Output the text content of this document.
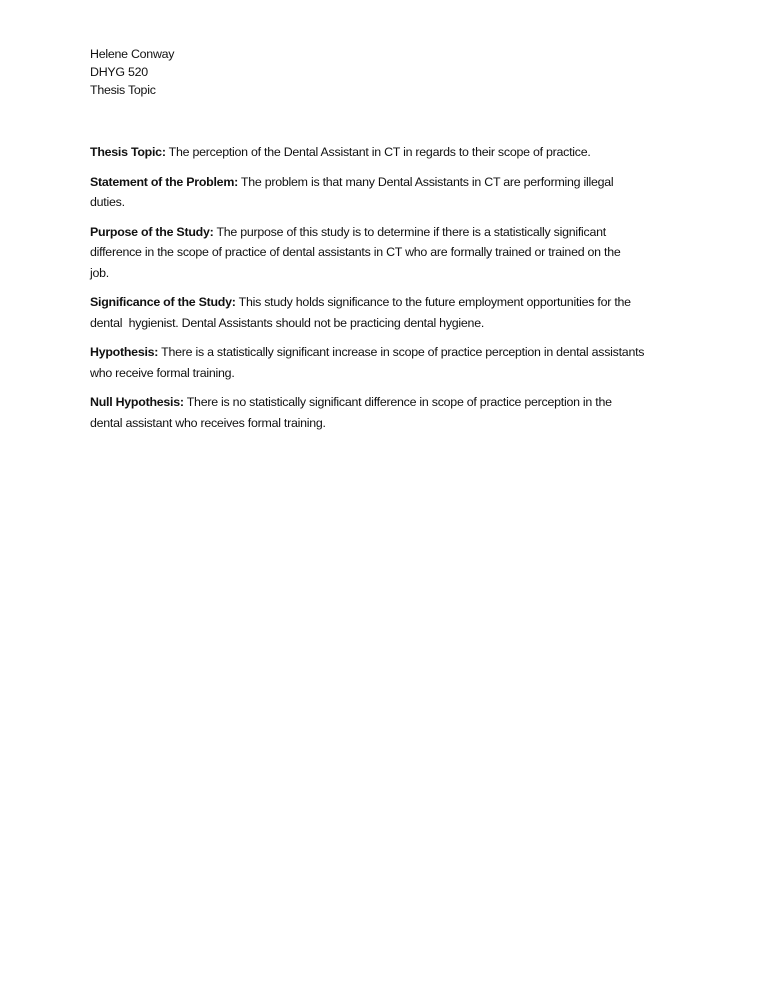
Helene Conway
DHYG 520
Thesis Topic
Thesis Topic: The perception of the Dental Assistant in CT in regards to their scope of practice.
Statement of the Problem: The problem is that many Dental Assistants in CT are performing illegal
duties.
Purpose of the Study: The purpose of this study is to determine if there is a statistically significant
difference in the scope of practice of dental assistants in CT who are formally trained or trained on the
job.
Significance of the Study: This study holds significance to the future employment opportunities for the
dental  hygienist. Dental Assistants should not be practicing dental hygiene.
Hypothesis: There is a statistically significant increase in scope of practice perception in dental assistants
who receive formal training.
Null Hypothesis: There is no statistically significant difference in scope of practice perception in the
dental assistant who receives formal training.
